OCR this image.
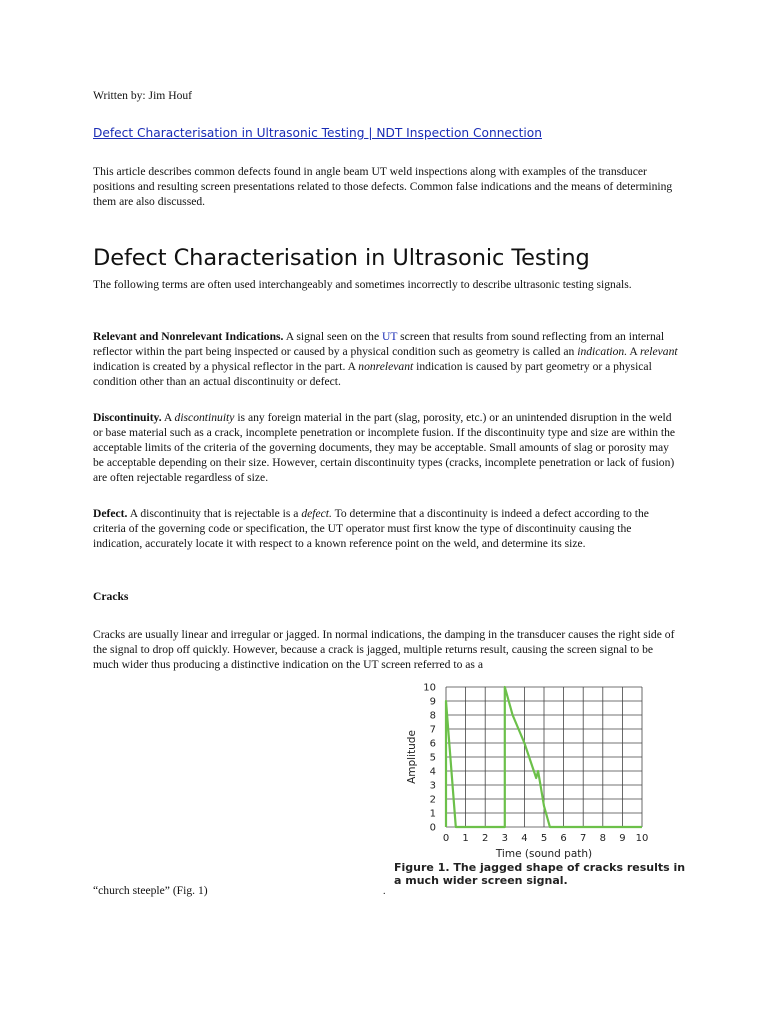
Written by: Jim Houf

Defect Characterisation in Ultrasonic Testing | NDT Inspection Connection

This article describes common defects found in angle beam UT weld inspections along with examples of the transducer positions and resulting screen presentations related to those defects. Common false indications and the means of determining them are also discussed.

Defect Characterisation in Ultrasonic Testing

The following terms are often used interchangeably and sometimes incorrectly to describe ultrasonic testing signals.

Relevant and Nonrelevant Indications. A signal seen on the UT screen that results from sound reflecting from an internal reflector within the part being inspected or caused by a physical condition such as geometry is called an indication. A relevant indication is created by a physical reflector in the part. A nonrelevant indication is caused by part geometry or a physical condition other than an actual discontinuity or defect.

Discontinuity. A discontinuity is any foreign material in the part (slag, porosity, etc.) or an unintended disruption in the weld or base material such as a crack, incomplete penetration or incomplete fusion. If the discontinuity type and size are within the acceptable limits of the criteria of the governing documents, they may be acceptable. Small amounts of slag or porosity may be acceptable depending on their size. However, certain discontinuity types (cracks, incomplete penetration or lack of fusion) are often rejectable regardless of size.

Defect. A discontinuity that is rejectable is a defect. To determine that a discontinuity is indeed a defect according to the criteria of the governing code or specification, the UT operator must first know the type of discontinuity causing the indication, accurately locate it with respect to a known reference point on the weld, and determine its size.

Cracks

Cracks are usually linear and irregular or jagged. In normal indications, the damping in the transducer causes the right side of the signal to drop off quickly. However, because a crack is jagged, multiple returns result, causing the screen signal to be much wider thus producing a distinctive indication on the UT screen referred to as a

“church steeple” (Fig. 1)

0 1 2 3 4 5 6 7 8 9 10
0
1
2
3
4
5
6
7
8
9
10
Time (sound path)
Amplitude
Figure 1. The jagged shape of cracks results in
a much wider screen signal.
.
